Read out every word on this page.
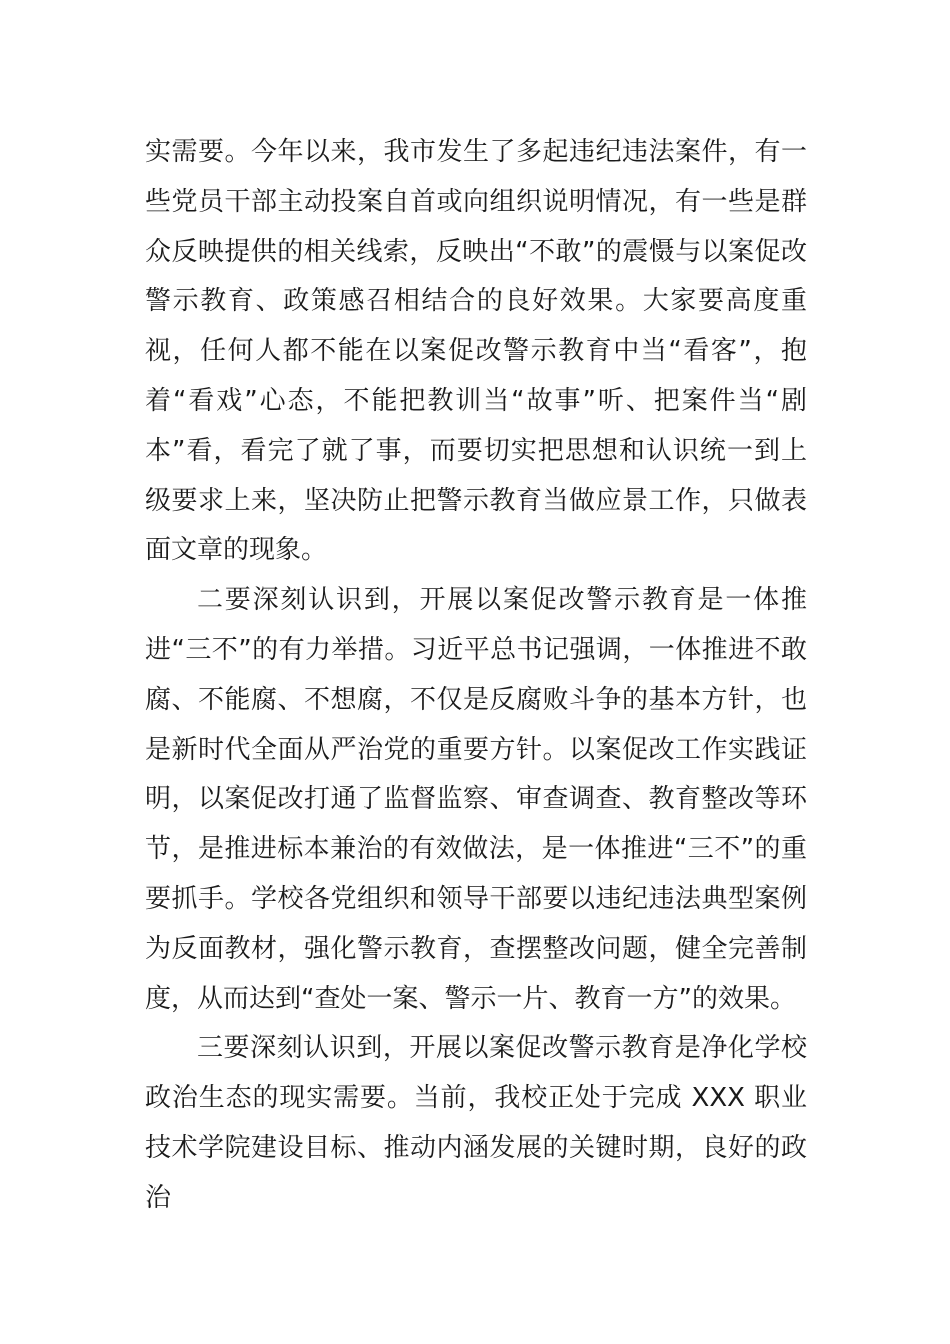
实需要。今年以来，我市发生了多起违纪违法案件，有一些党员干部主动投案自首或向组织说明情况，有一些是群众反映提供的相关线索，反映出“不敢”的震慑与以案促改警示教育、政策感召相结合的良好效果。大家要高度重视，任何人都不能在以案促改警示教育中当“看客”，抱着“看戏”心态，不能把教训当“故事”听、把案件当“剧本”看，看完了就了事，而要切实把思想和认识统一到上级要求上来，坚决防止把警示教育当做应景工作，只做表面文章的现象。

二要深刻认识到，开展以案促改警示教育是一体推进“三不”的有力举措。习近平总书记强调，一体推进不敢腐、不能腐、不想腐，不仅是反腐败斗争的基本方针，也是新时代全面从严治党的重要方针。以案促改工作实践证明，以案促改打通了监督监察、审查调查、教育整改等环节，是推进标本兼治的有效做法，是一体推进“三不”的重要抓手。学校各党组织和领导干部要以违纪违法典型案例为反面教材，强化警示教育，查摆整改问题，健全完善制度，从而达到“查处一案、警示一片、教育一方”的效果。

三要深刻认识到，开展以案促改警示教育是净化学校政治生态的现实需要。当前，我校正处于完成 XXX 职业技术学院建设目标、推动内涵发展的关键时期，良好的政治
